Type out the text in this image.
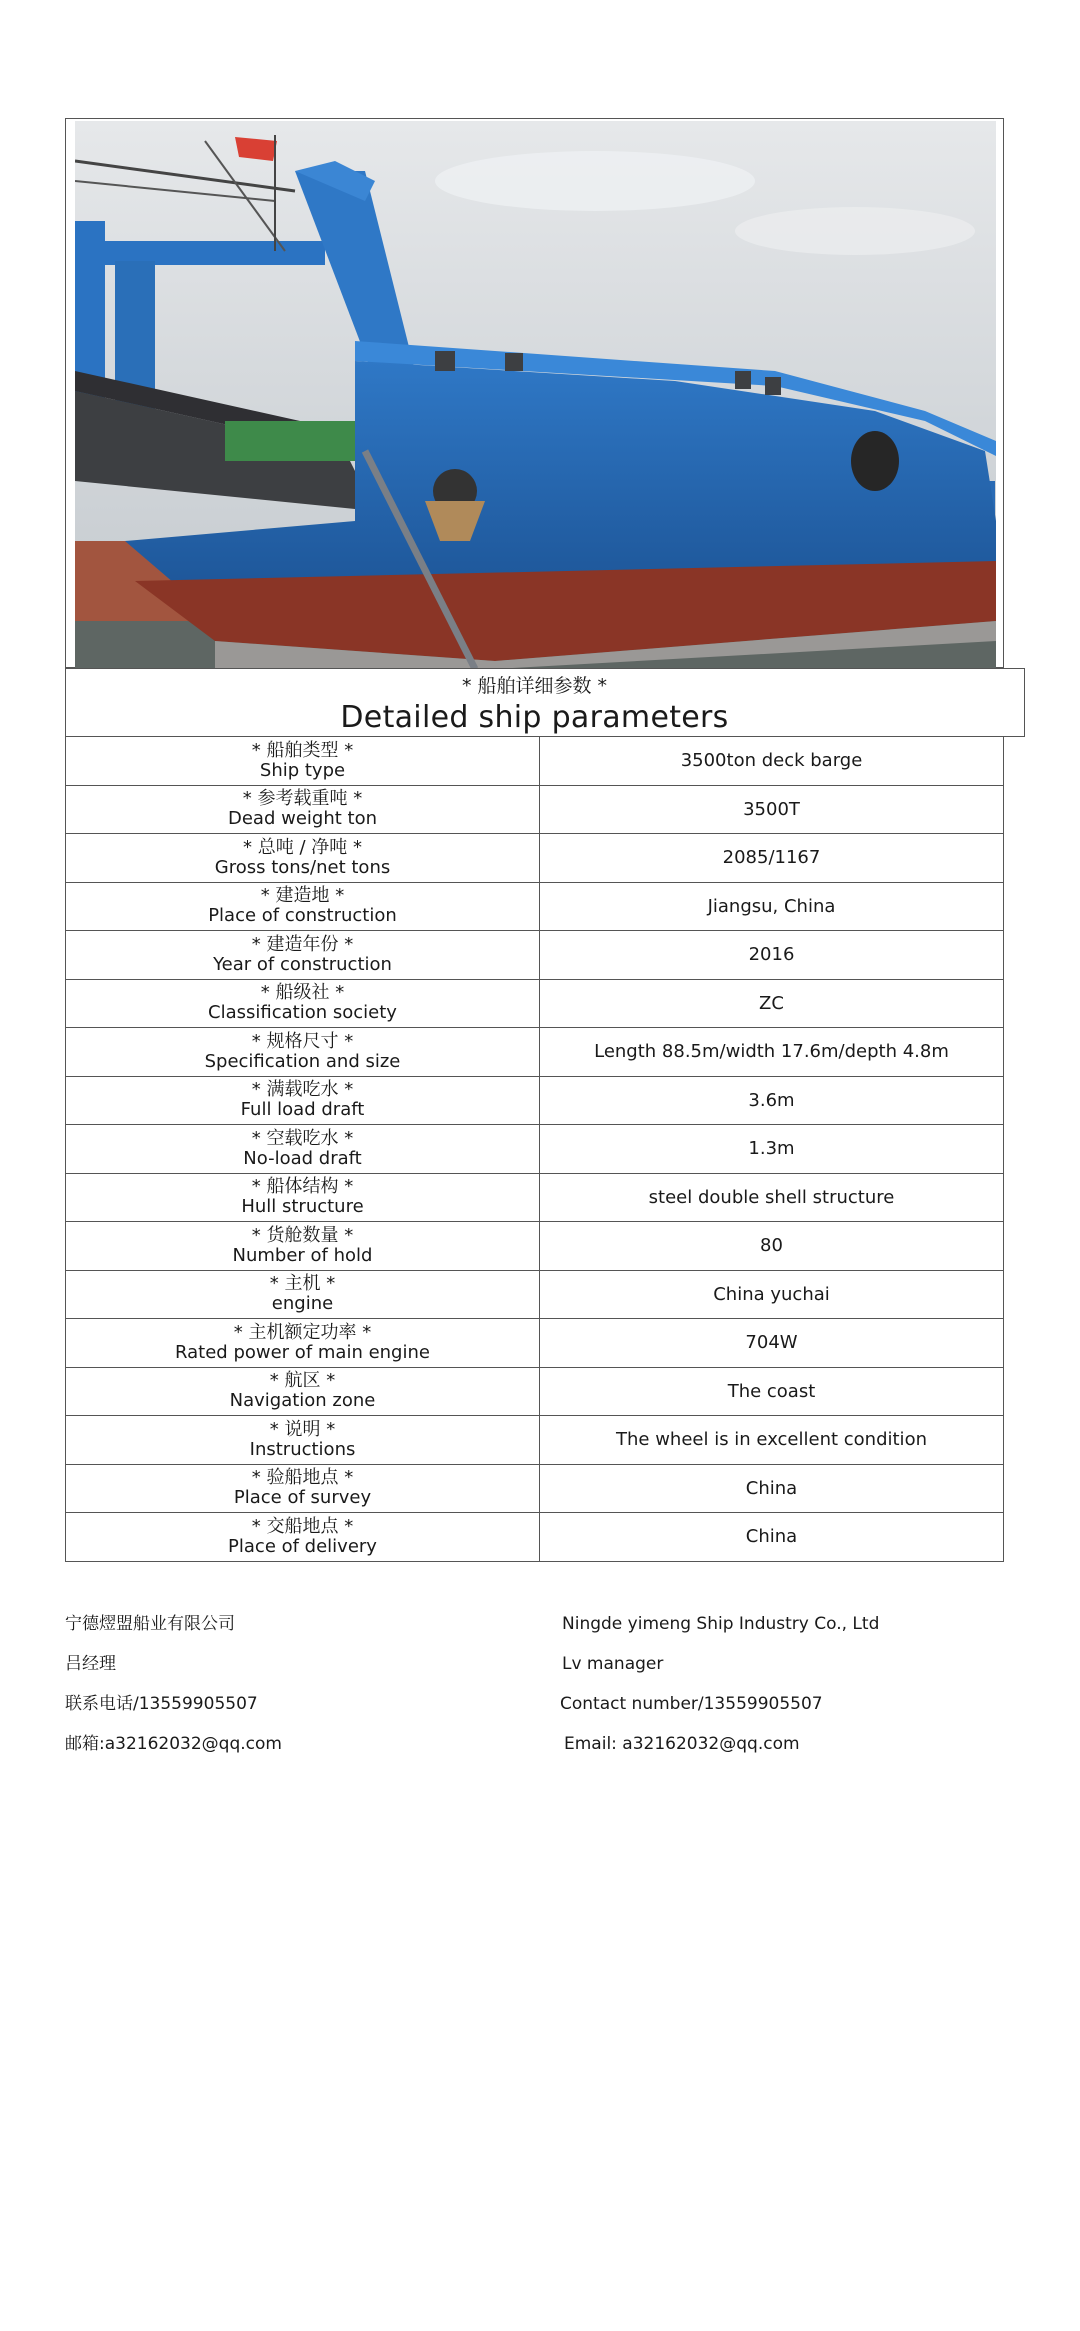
* 船舶详细参数 *
Detailed ship parameters
* 船舶类型 *
Ship type	3500ton deck barge

* 参考载重吨 *
Dead weight ton	3500T

* 总吨 / 净吨 *
Gross tons/net tons	2085/1167

* 建造地 *
Place of construction	Jiangsu, China

* 建造年份 *
Year of construction	2016

* 船级社 *
Classification society	ZC

* 规格尺寸 *
Specification and size	Length 88.5m/width 17.6m/depth 4.8m

* 满载吃水 *
Full load draft	3.6m

* 空载吃水 *
No-load draft	1.3m

* 船体结构 *
Hull structure	steel double shell structure

* 货舱数量 *
Number of hold	80

* 主机 *
engine	China yuchai

* 主机额定功率 *
Rated power of main engine	704W

* 航区 *
Navigation zone	The coast

* 说明 *
Instructions	The wheel is in excellent condition

* 验船地点 *
Place of survey	China

* 交船地点 *
Place of delivery	China
宁德熤盟船业有限公司	Ningde yimeng Ship Industry Co., Ltd
吕经理	Lv manager
联系电话/13559905507	Contact number/13559905507
邮箱:a32162032@qq.com	Email: a32162032@qq.com
